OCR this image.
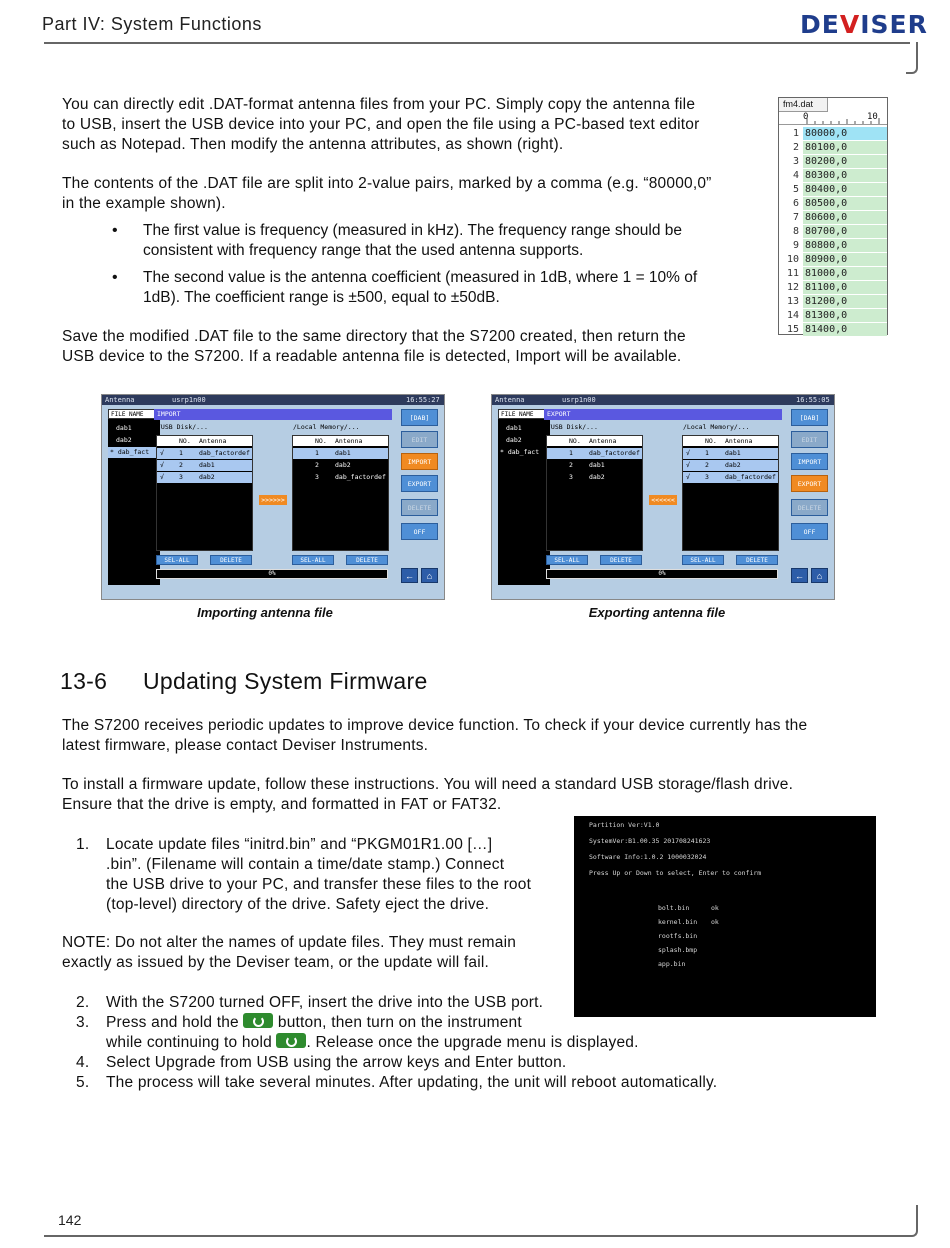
Part IV: System Functions	DEVISER
You can directly edit .DAT-format antenna files from your PC. Simply copy the antenna file
to USB, insert the USB device into your PC, and open the file using a PC-based text editor
such as Notepad. Then modify the antenna attributes, as shown (right).
The contents of the .DAT file are split into 2-value pairs, marked by a comma (e.g. “80000,0”
in the example shown).
• The first value is frequency (measured in kHz). The frequency range should be
consistent with frequency range that the used antenna supports.
• The second value is the antenna coefficient (measured in 1dB, where 1 = 10% of
1dB). The coefficient range is ±500, equal to ±50dB.
Save the modified .DAT file to the same directory that the S7200 created, then return the
USB device to the S7200. If a readable antenna file is detected, Import will be available.
fm4.dat
0	10
1 80000,0
2 80100,0
3 80200,0
4 80300,0
5 80400,0
6 80500,0
7 80600,0
8 80700,0
9 80800,0
10 80900,0
11 81000,0
12 81100,0
13 81200,0
14 81300,0
15 81400,0
Antenna	usrp1n00	16:55:27
FILE NAME
dab1
dab2
* dab_fact
IMPORT
/USB Disk/...	/Local Memory/...
NO. Antenna
√ 1 dab_factordef
√ 2 dab1
√ 3 dab2
>>>>>>
NO. Antenna
1 dab1
2 dab2
3 dab_factordef
SEL-ALL	DELETE	SEL-ALL	DELETE
0%
[DAB]
EDIT
IMPORT
EXPORT
DELETE
OFF
←	⌂
Importing antenna file
Antenna	usrp1n00	16:55:05
FILE NAME
dab1
dab2
* dab_fact
EXPORT
/USB Disk/...	/Local Memory/...
NO. Antenna
1 dab_factordef
2 dab1
3 dab2
<<<<<<
NO. Antenna
√ 1 dab1
√ 2 dab2
√ 3 dab_factordef
SEL-ALL	DELETE	SEL-ALL	DELETE
0%
[DAB]
EDIT
IMPORT
EXPORT
DELETE
OFF
←	⌂
Exporting antenna file
13-6 Updating System Firmware
The S7200 receives periodic updates to improve device function. To check if your device currently has the
latest firmware, please contact Deviser Instruments.
To install a firmware update, follow these instructions. You will need a standard USB storage/flash drive.
Ensure that the drive is empty, and formatted in FAT or FAT32.
1. Locate update files “initrd.bin” and “PKGM01R1.00 […]
.bin”. (Filename will contain a time/date stamp.) Connect
the USB drive to your PC, and transfer these files to the root
(top-level) directory of the drive. Safety eject the drive.
NOTE: Do not alter the names of update files. They must remain
exactly as issued by the Deviser team, or the update will fail.
Partition Ver:V1.0
SystemVer:B1.00.35 201708241623
Software Info:1.0.2 1000032024
Press Up or Down to select, Enter to confirm
bolt.bin	ok
kernel.bin ok
rootfs.bin
splash.bmp
app.bin
2. With the S7200 turned OFF, insert the drive into the USB port.
3. Press and hold the	button, then turn on the instrument
while continuing to hold . Release once the upgrade menu is displayed.
4. Select Upgrade from USB using the arrow keys and Enter button.
5. The process will take several minutes. After updating, the unit will reboot automatically.
142
